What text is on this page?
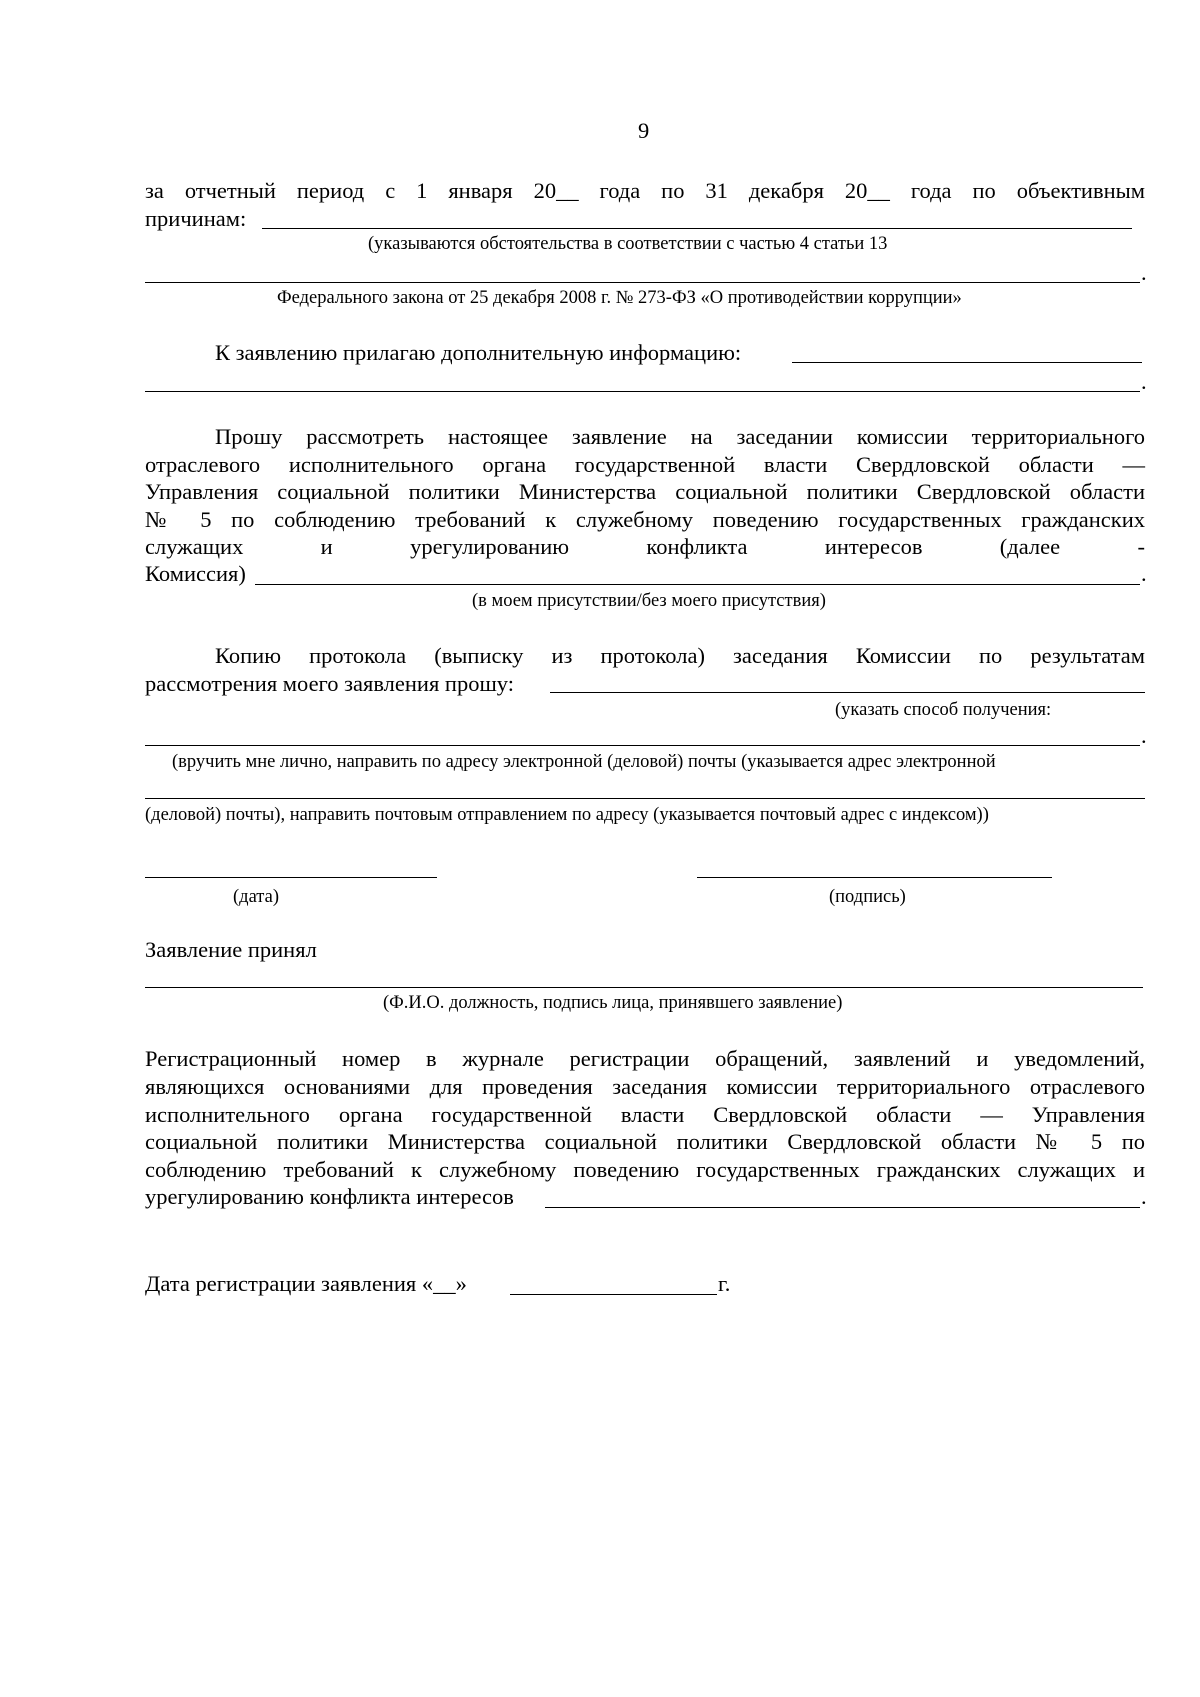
9
за отчетный период с 1 января 20__ года по 31 декабря 20__ года по объективным
причинам:
(указываются обстоятельства в соответствии с частью 4 статьи 13
.
Федерального закона от 25 декабря 2008 г. № 273-ФЗ «О противодействии коррупции»
К заявлению прилагаю дополнительную информацию:
.
Прошу рассмотреть настоящее заявление на заседании комиссии территориального
отраслевого исполнительного органа государственной власти Свердловской области —
Управления социальной политики Министерства социальной политики Свердловской области
№ 5 по соблюдению требований к служебному поведению государственных гражданских
служащих и урегулированию конфликта интересов (далее -
Комиссия)	.
(в моем присутствии/без моего присутствия)
Копию протокола (выписку из протокола) заседания Комиссии по результатам
рассмотрения моего заявления прошу:
(указать способ получения:
.
(вручить мне лично, направить по адресу электронной (деловой) почты (указывается адрес электронной
(деловой) почты), направить почтовым отправлением по адресу (указывается почтовый адрес с индексом))
(дата)	(подпись)
Заявление принял
(Ф.И.О. должность, подпись лица, принявшего заявление)
Регистрационный номер в журнале регистрации обращений, заявлений и уведомлений,
являющихся основаниями для проведения заседания комиссии территориального отраслевого
исполнительного органа государственной власти Свердловской области — Управления
социальной политики Министерства социальной политики Свердловской области № 5 по
соблюдению требований к служебному поведению государственных гражданских служащих и
урегулированию конфликта интересов	.
Дата регистрации заявления «__»	г.
